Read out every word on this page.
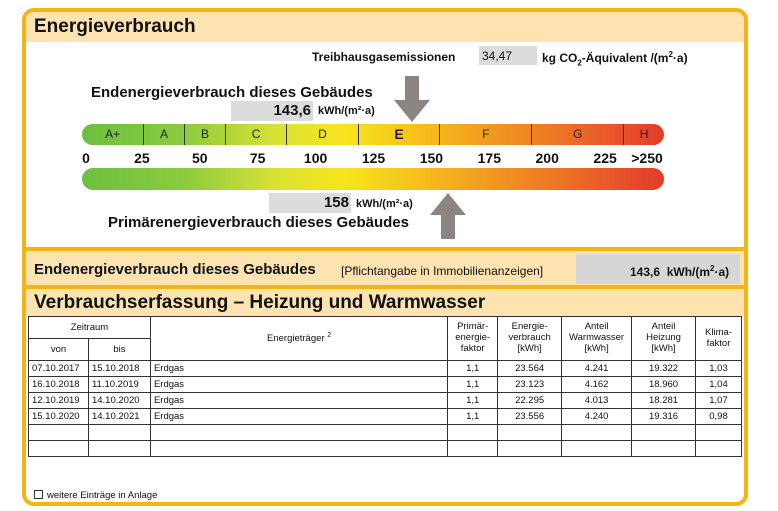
Energieverbrauch
Treibhausgasemissionen 34,47 kg $CO_2$-Äquivalent $/(m^2\cdot a)$
Endenergieverbrauch dieses Gebäudes
143,6 kWh/(m²·a)
A+	A	B	C	D	E	F	G	H
0	25	50	75	100 125 150 175 200 225 >250
158 kWh/(m²·a)
Primärenergieverbrauch dieses Gebäudes
Endenergieverbrauch dieses Gebäudes [Pflichtangabe in Immobilienanzeigen]	143,6 kWh/$(m^2\cdot a)$
Verbrauchserfassung – Heizung und Warmwasser
Zeitraum		Energieträger $^2$	Primär-
energie-
faktor	Energie-
verbrauch
[kWh]	Anteil
Warmwasser
[kWh]	Anteil
Heizung
[kWh]	Klima-
faktor
von	bis						
07.10.2017	15.10.2018	Erdgas	1,1	23.564	4.241	19.322	1,03
16.10.2018	11.10.2019	Erdgas	1,1	23.123	4.162	18.960	1,04
12.10.2019	14.10.2020	Erdgas	1,1	22.295	4.013	18.281	1,07
15.10.2020	14.10.2021	Erdgas	1,1	23.556	4.240	19.316	0,98

weitere Einträge in Anlage
